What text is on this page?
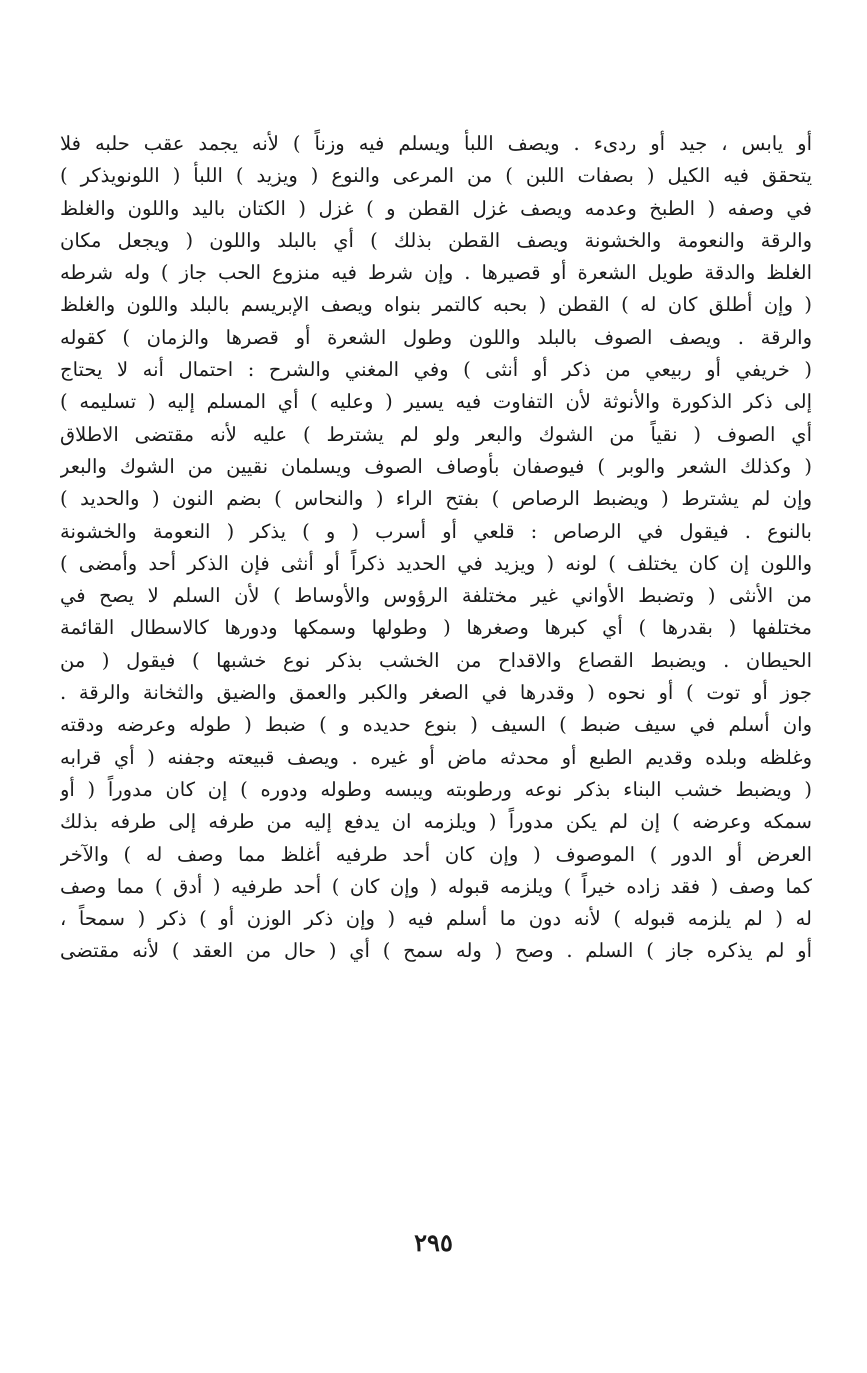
أو يابس ، جيد أو ردىء . ويصف اللبأ ويسلم فيه وزناً ) لأنه يجمد عقب حلبه فلا
يتحقق فيه الكيل ( بصفات اللبن ) من المرعى والنوع ( ويزيد ) اللبأ ( اللونويذكر )
في وصفه ( الطبخ وعدمه ويصف غزل القطن و ) غزل ( الكتان باليد واللون والغلظ
والرقة والنعومة والخشونة ويصف القطن بذلك ) أي بالبلد واللون ( ويجعل مكان
الغلظ والدقة طويل الشعرة أو قصيرها . وإن شرط فيه منزوع الحب جاز ) وله شرطه
( وإن أطلق كان له ) القطن ( بحبه كالتمر بنواه ويصف الإبريسم بالبلد واللون والغلظ
والرقة . ويصف الصوف بالبلد واللون وطول الشعرة أو قصرها والزمان ) كقوله
( خريفي أو ربيعي من ذكر أو أنثى ) وفي المغني والشرح : احتمال أنه لا يحتاج
إلى ذكر الذكورة والأنوثة لأن التفاوت فيه يسير ( وعليه ) أي المسلم إليه ( تسليمه )
أي الصوف ( نقياً من الشوك والبعر ولو لم يشترط ) عليه لأنه مقتضى الاطلاق
( وكذلك الشعر والوبر ) فيوصفان بأوصاف الصوف ويسلمان نقيين من الشوك والبعر
وإن لم يشترط ( ويضبط الرصاص ) بفتح الراء ( والنحاس ) بضم النون ( والحديد )
بالنوع . فيقول في الرصاص : قلعي أو أسرب ( و ) يذكر ( النعومة والخشونة
واللون إن كان يختلف ) لونه ( ويزيد في الحديد ذكراً أو أنثى فإن الذكر أحد وأمضى )
من الأنثى ( وتضبط الأواني غير مختلفة الرؤوس والأوساط ) لأن السلم لا يصح في
مختلفها ( بقدرها ) أي كبرها وصغرها ( وطولها وسمكها ودورها كالاسطال القائمة
الحيطان . ويضبط القصاع والاقداح من الخشب بذكر نوع خشبها ) فيقول ( من
جوز أو توت ) أو نحوه ( وقدرها في الصغر والكبر والعمق والضيق والثخانة والرقة .
وان أسلم في سيف ضبط ) السيف ( بنوع حديده و ) ضبط ( طوله وعرضه ودقته
وغلظه وبلده وقديم الطبع أو محدثه ماض أو غيره . ويصف قبيعته وجفنه ( أي قرابه
( ويضبط خشب البناء بذكر نوعه ورطوبته ويبسه وطوله ودوره ) إن كان مدوراً ( أو
سمكه وعرضه ) إن لم يكن مدوراً ( ويلزمه ان يدفع إليه من طرفه إلى طرفه بذلك
العرض أو الدور ) الموصوف ( وإن كان أحد طرفيه أغلظ مما وصف له ) والآخر
كما وصف ( فقد زاده خيراً ) ويلزمه قبوله ( وإن كان ) أحد طرفيه ( أدق ) مما وصف
له ( لم يلزمه قبوله ) لأنه دون ما أسلم فيه ( وإن ذكر الوزن أو ) ذكر ( سمحاً ،
أو لم يذكره جاز ) السلم . وصح ( وله سمح ) أي ( حال من العقد ) لأنه مقتضى
٢٩٥
